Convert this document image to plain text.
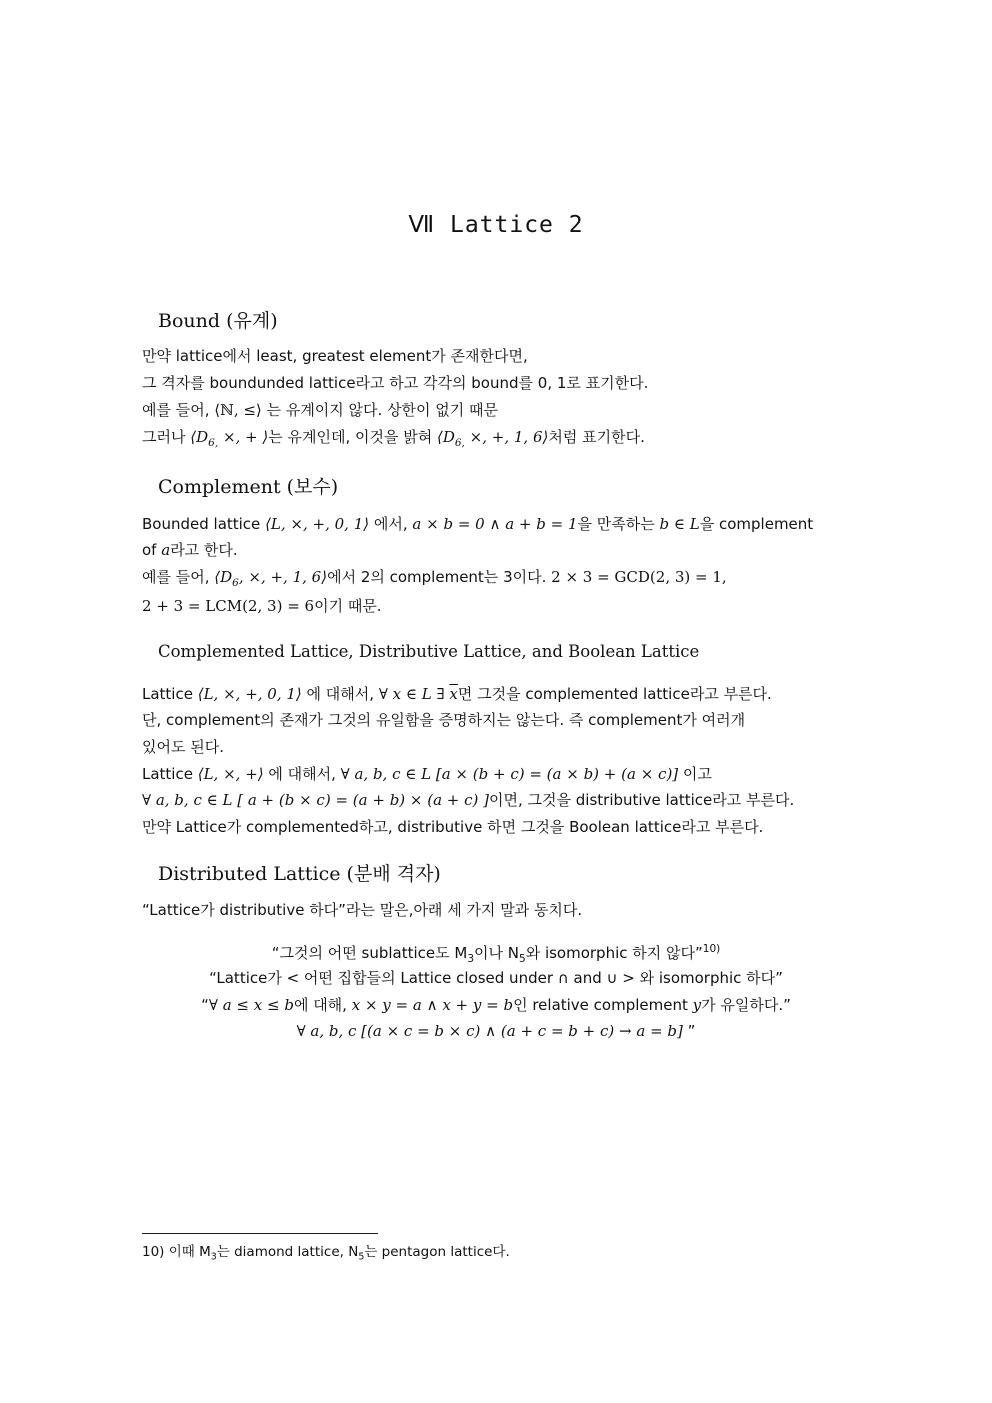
Ⅶ Lattice 2
Bound (유계)
만약 lattice에서 least, greatest element가 존재한다면,
그 격자를 boundunded lattice라고 하고 각각의 bound를 0, 1로 표기한다.
예를 들어, ⟨ℕ, ≤⟩ 는 유계이지 않다. 상한이 없기 때문
그러나 $⟨D_{6,}$ ×, + ⟩는 유계인데, 이것을 밝혀 $⟨D_{6,}$ ×, +, 1, 6⟩처럼 표기한다.
Complement (보수)
Bounded lattice ⟨L, ×, +, 0, 1⟩ 에서, a × b = 0 ∧ a + b = 1을 만족하는 b ∈ L을 complement
of a라고 한다.
예를 들어, $⟨D_6$, ×, +, 1, 6⟩에서 2의 complement는 3이다. 2 × 3 = GCD(2, 3) = 1,
2 + 3 = LCM(2, 3) = 6이기 때문.
Complemented Lattice, Distributive Lattice, and Boolean Lattice
Lattice ⟨L, ×, +, 0, 1⟩ 에 대해서, ∀ x ∈ L ∃ $\overline{x}$면 그것을 complemented lattice라고 부른다.
단, complement의 존재가 그것의 유일함을 증명하지는 않는다. 즉 complement가 여러개
있어도 된다.
Lattice ⟨L, ×, +⟩ 에 대해서, ∀ a, b, c ∈ L [a × (b + c) = (a × b) + (a × c)] 이고
∀ a, b, c ∈ L [ a + (b × c) = (a + b) × (a + c) ]이면, 그것을 distributive lattice라고 부른다.
만약 Lattice가 complemented하고, distributive 하면 그것을 Boolean lattice라고 부른다.
Distributed Lattice (분배 격자)
“Lattice가 distributive 하다”라는 말은,아래 세 가지 말과 동치다.
“그것의 어떤 sublattice도 $M_3$이나 $N_5$와 isomorphic 하지 않다”$^{10)}$
“Lattice가 < 어떤 집합들의 Lattice closed under ∩ and ∪ > 와 isomorphic 하다”
“∀ a ≤ x ≤ b에 대해, x × y = a ∧ x + y = b인 relative complement y가 유일하다.”
∀ a, b, c [(a × c = b × c) ∧ (a + c = b + c) → a = b] ”
10) 이때 $M_3$는 diamond lattice, $N_5$는 pentagon lattice다.
